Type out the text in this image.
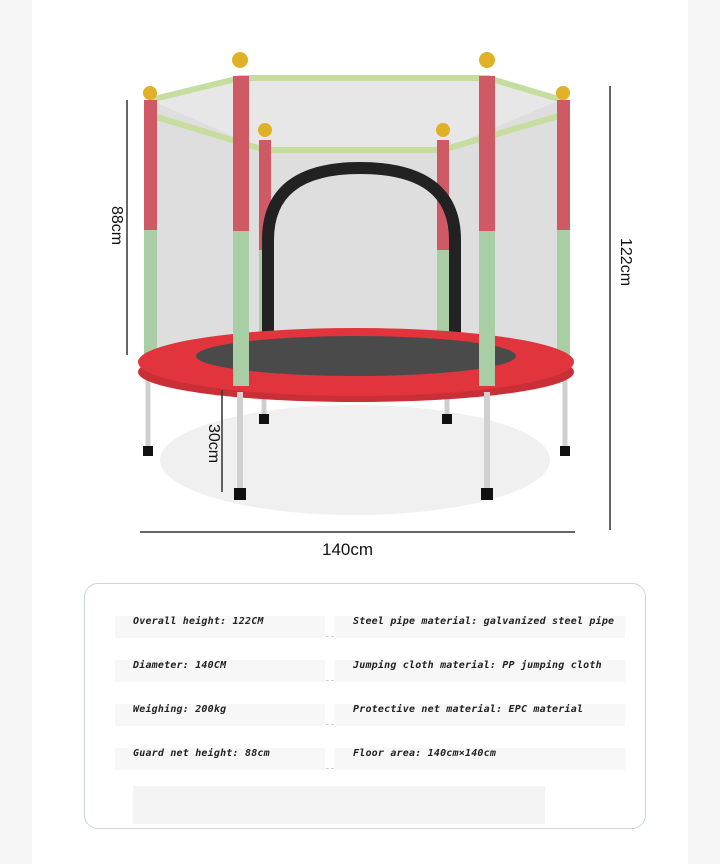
88cm
122cm
30cm
140cm
Overall height: 122CM	Steel pipe material: galvanized steel pipe
Diameter: 140CM	Jumping cloth material: PP jumping cloth
Weighing: 200kg	Protective net material: EPC material
Guard net height: 88cm	Floor area: 140cm×140cm
